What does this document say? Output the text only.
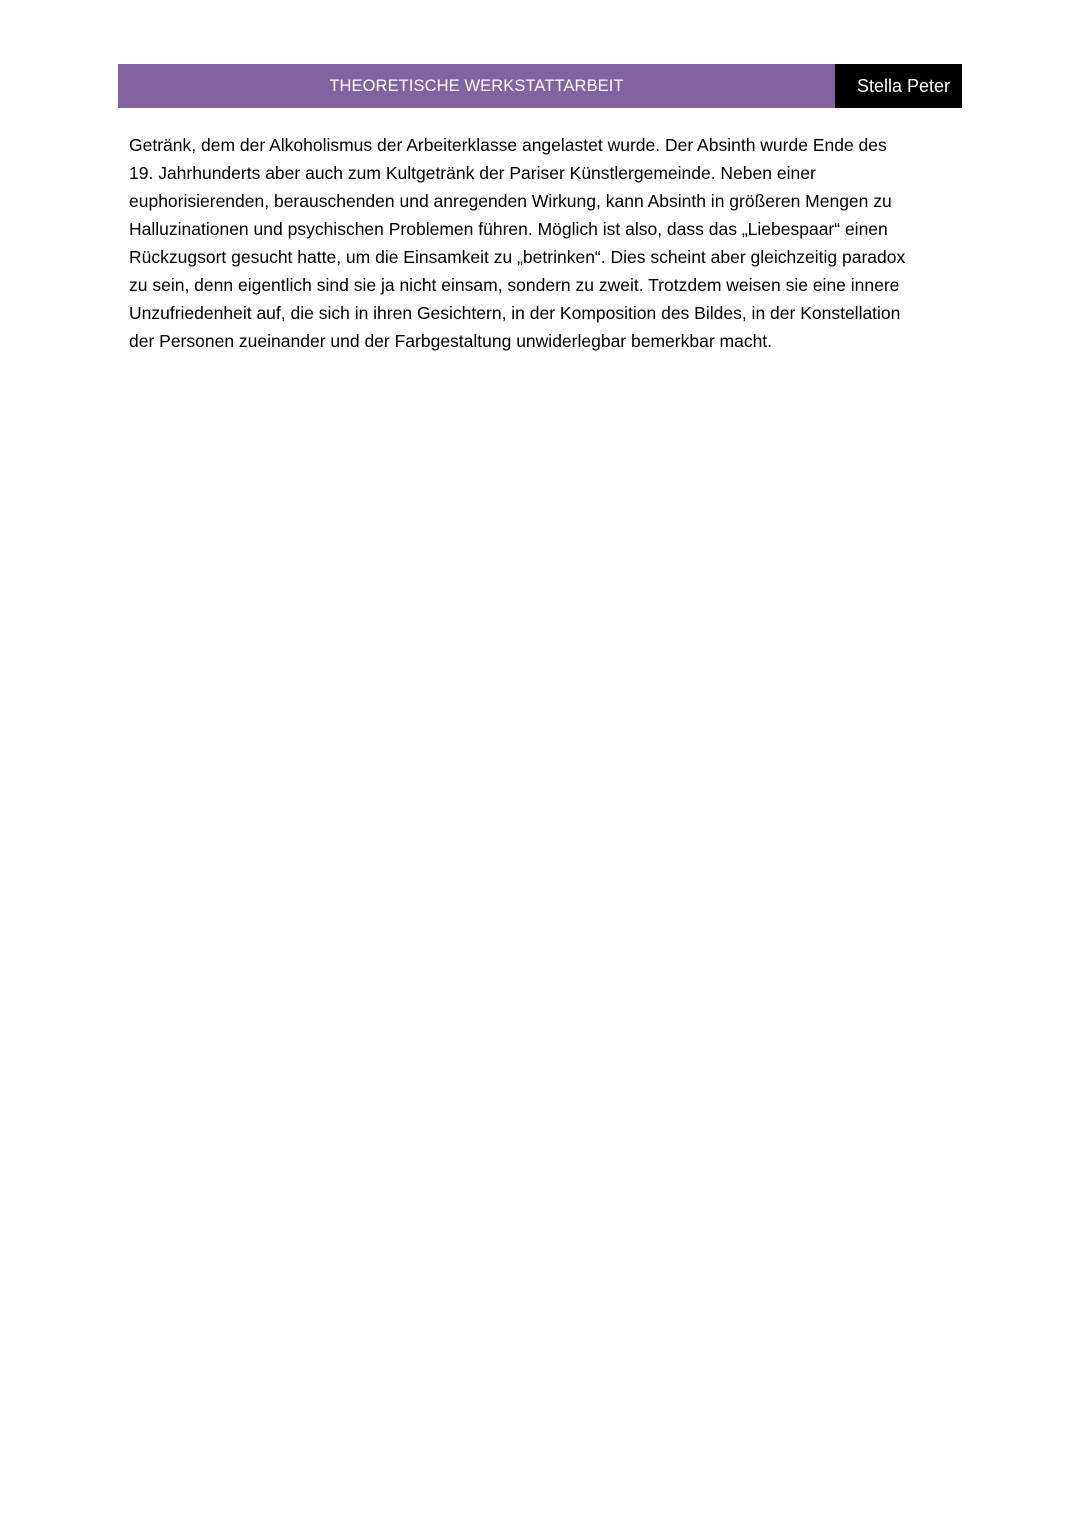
THEORETISCHE WERKSTATTARBEIT	Stella Peter

Getränk, dem der Alkoholismus der Arbeiterklasse angelastet wurde. Der Absinth wurde Ende des
19. Jahrhunderts aber auch zum Kultgetränk der Pariser Künstlergemeinde. Neben einer
euphorisierenden, berauschenden und anregenden Wirkung, kann Absinth in größeren Mengen zu
Halluzinationen und psychischen Problemen führen. Möglich ist also, dass das „Liebespaar“ einen
Rückzugsort gesucht hatte, um die Einsamkeit zu „betrinken“. Dies scheint aber gleichzeitig paradox
zu sein, denn eigentlich sind sie ja nicht einsam, sondern zu zweit. Trotzdem weisen sie eine innere
Unzufriedenheit auf, die sich in ihren Gesichtern, in der Komposition des Bildes, in der Konstellation
der Personen zueinander und der Farbgestaltung unwiderlegbar bemerkbar macht.
